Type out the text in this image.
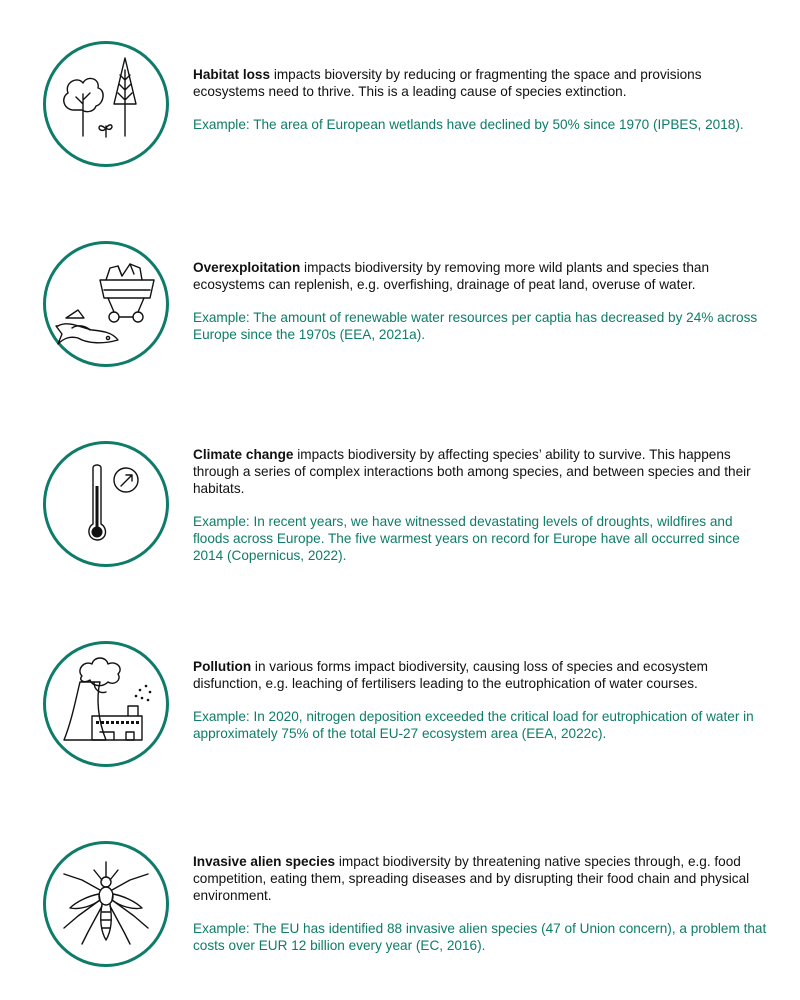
Habitat loss impacts bioversity by reducing or fragmenting the space and provisions ecosystems need to thrive. This is a leading cause of species extinction.

Example: The area of European wetlands have declined by 50% since 1970 (IPBES, 2018).

Overexploitation impacts biodiversity by removing more wild plants and species than ecosystems can replenish, e.g. overfishing, drainage of peat land, overuse of water.

Example: The amount of renewable water resources per captia has decreased by 24% across Europe since the 1970s (EEA, 2021a).

Climate change impacts biodiversity by affecting species’ ability to survive. This happens through a series of complex interactions both among species, and between species and their habitats.

Example: In recent years, we have witnessed devastating levels of droughts, wildfires and floods across Europe. The five warmest years on record for Europe have all occurred since 2014 (Copernicus, 2022).

Pollution in various forms impact biodiversity, causing loss of species and ecosystem disfunction, e.g. leaching of fertilisers leading to the eutrophication of water courses.

Example: In 2020, nitrogen deposition exceeded the critical load for eutrophication of water in approximately 75% of the total EU-27 ecosystem area (EEA, 2022c).

Invasive alien species impact biodiversity by threatening native species through, e.g. food competition, eating them, spreading diseases and by disrupting their food chain and physical environment.

Example: The EU has identified 88 invasive alien species (47 of Union concern), a problem that costs over EUR 12 billion every year (EC, 2016).
